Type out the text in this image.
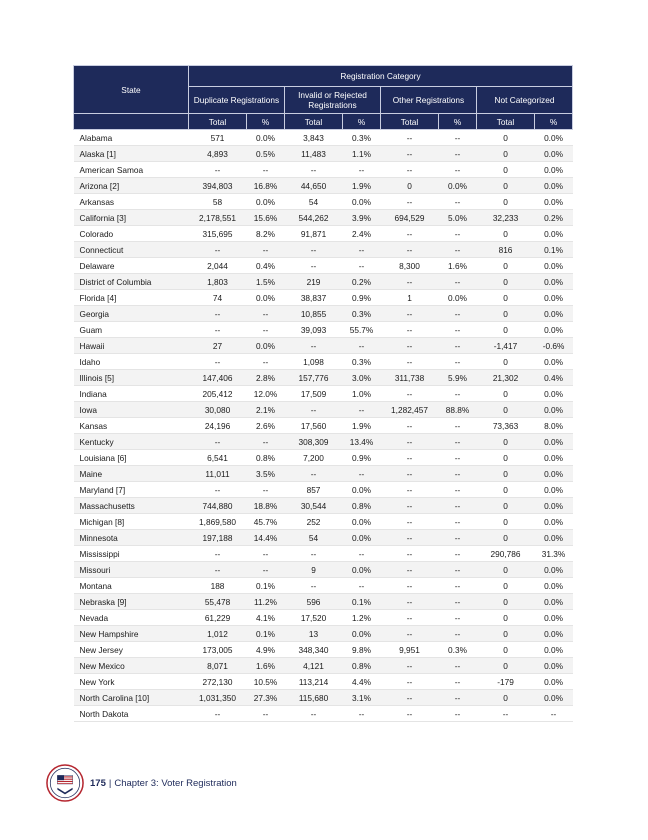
State	Registration Category							
	Duplicate Registrations		Invalid or Rejected Registrations		Other Registrations		Not Categorized	
	Total	%	Total	%	Total	%	Total	%
Alabama	571	0.0%	3,843	0.3%	--	--	0	0.0%
Alaska [1]	4,893	0.5%	11,483	1.1%	--	--	0	0.0%
American Samoa	--	--	--	--	--	--	0	0.0%
Arizona [2]	394,803	16.8%	44,650	1.9%	0	0.0%	0	0.0%
Arkansas	58	0.0%	54	0.0%	--	--	0	0.0%
California [3]	2,178,551	15.6%	544,262	3.9%	694,529	5.0%	32,233	0.2%
Colorado	315,695	8.2%	91,871	2.4%	--	--	0	0.0%
Connecticut	--	--	--	--	--	--	816	0.1%
Delaware	2,044	0.4%	--	--	8,300	1.6%	0	0.0%
District of Columbia	1,803	1.5%	219	0.2%	--	--	0	0.0%
Florida [4]	74	0.0%	38,837	0.9%	1	0.0%	0	0.0%
Georgia	--	--	10,855	0.3%	--	--	0	0.0%
Guam	--	--	39,093	55.7%	--	--	0	0.0%
Hawaii	27	0.0%	--	--	--	--	-1,417	-0.6%
Idaho	--	--	1,098	0.3%	--	--	0	0.0%
Illinois [5]	147,406	2.8%	157,776	3.0%	311,738	5.9%	21,302	0.4%
Indiana	205,412	12.0%	17,509	1.0%	--	--	0	0.0%
Iowa	30,080	2.1%	--	--	1,282,457	88.8%	0	0.0%
Kansas	24,196	2.6%	17,560	1.9%	--	--	73,363	8.0%
Kentucky	--	--	308,309	13.4%	--	--	0	0.0%
Louisiana [6]	6,541	0.8%	7,200	0.9%	--	--	0	0.0%
Maine	11,011	3.5%	--	--	--	--	0	0.0%
Maryland [7]	--	--	857	0.0%	--	--	0	0.0%
Massachusetts	744,880	18.8%	30,544	0.8%	--	--	0	0.0%
Michigan [8]	1,869,580	45.7%	252	0.0%	--	--	0	0.0%
Minnesota	197,188	14.4%	54	0.0%	--	--	0	0.0%
Mississippi	--	--	--	--	--	--	290,786	31.3%
Missouri	--	--	9	0.0%	--	--	0	0.0%
Montana	188	0.1%	--	--	--	--	0	0.0%
Nebraska [9]	55,478	11.2%	596	0.1%	--	--	0	0.0%
Nevada	61,229	4.1%	17,520	1.2%	--	--	0	0.0%
New Hampshire	1,012	0.1%	13	0.0%	--	--	0	0.0%
New Jersey	173,005	4.9%	348,340	9.8%	9,951	0.3%	0	0.0%
New Mexico	8,071	1.6%	4,121	0.8%	--	--	0	0.0%
New York	272,130	10.5%	113,214	4.4%	--	--	-179	0.0%
North Carolina [10]	1,031,350	27.3%	115,680	3.1%	--	--	0	0.0%
North Dakota	--	--	--	--	--	--	--	--
175 | Chapter 3: Voter Registration
